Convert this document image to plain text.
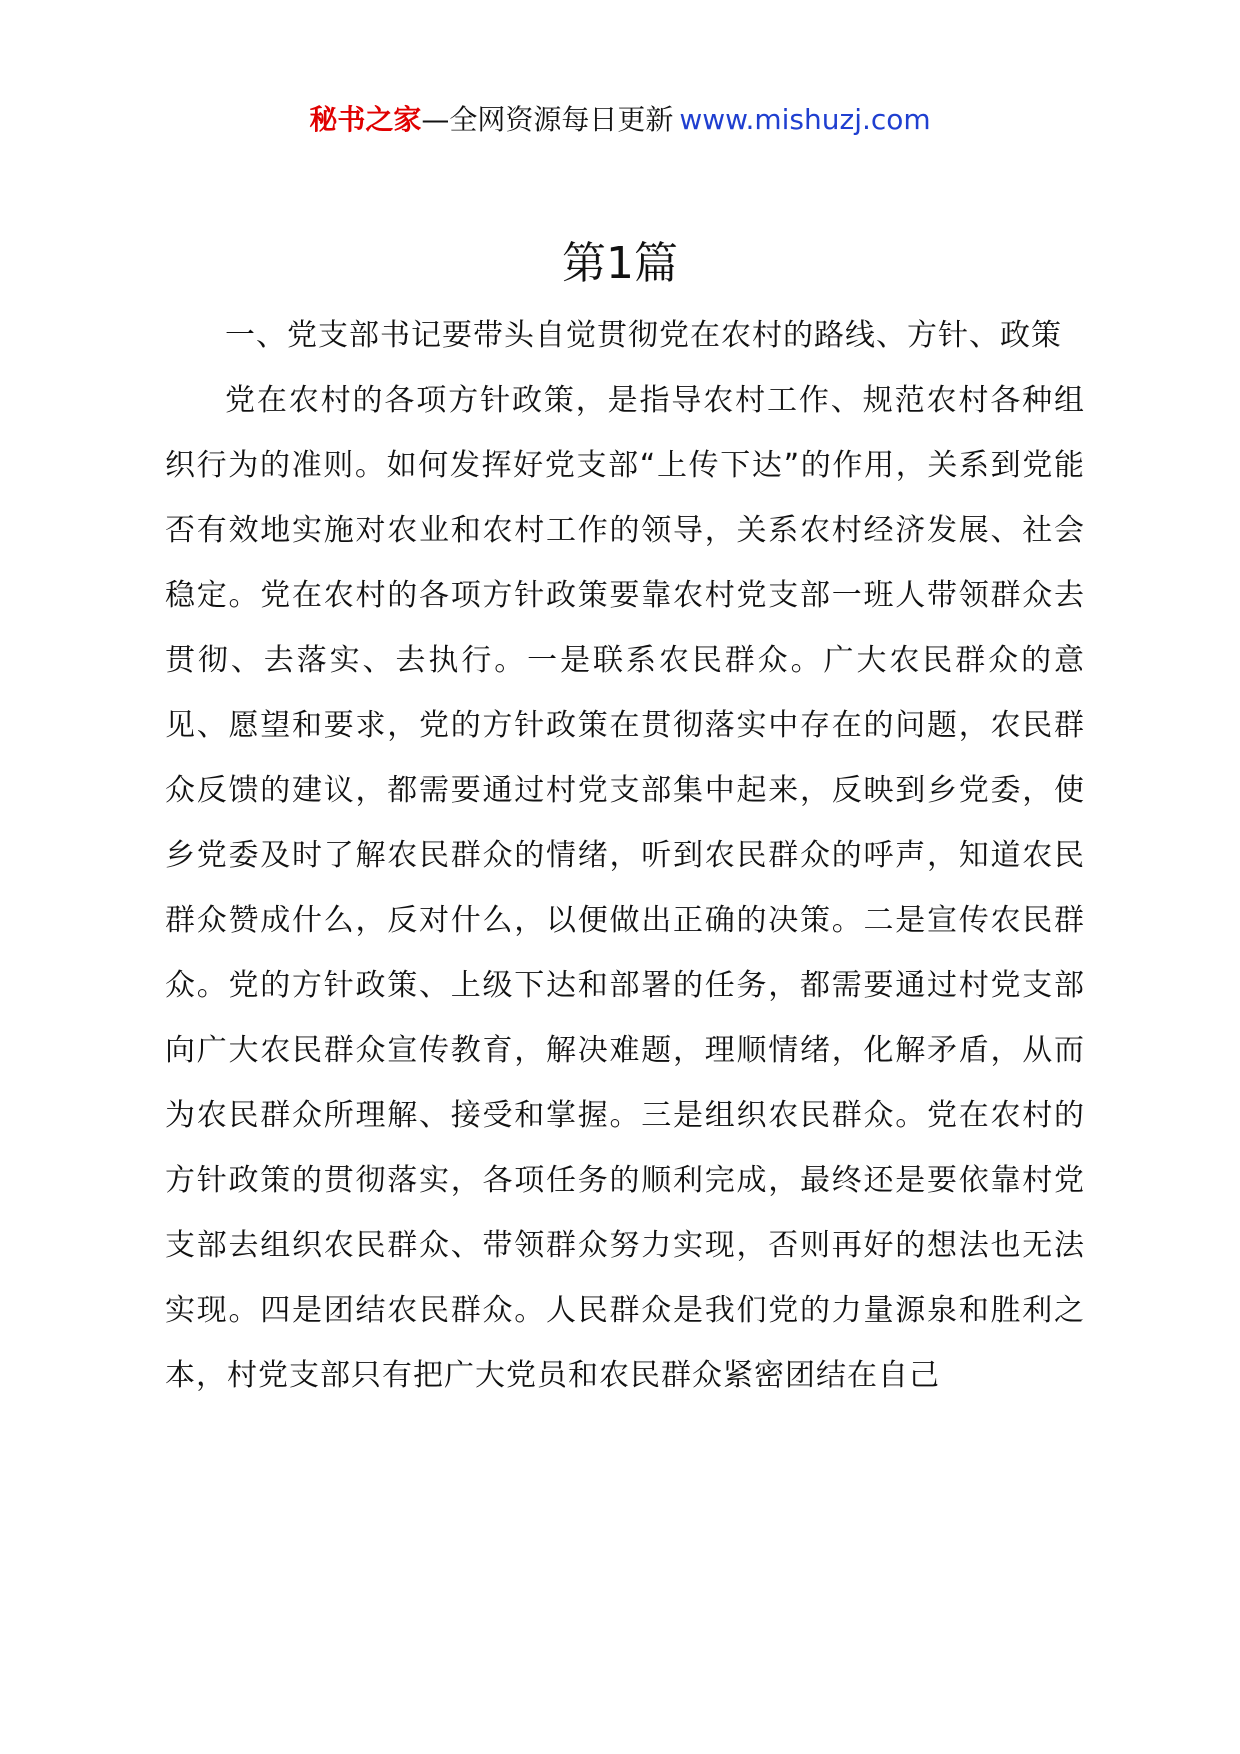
秘书之家—全网资源每日更新 www.mishuzj.com
第1篇

一、党支部书记要带头自觉贯彻党在农村的路线、方针、政策

党在农村的各项方针政策，是指导农村工作、规范农村各种组织行为的准则。如何发挥好党支部“上传下达”的作用，关系到党能否有效地实施对农业和农村工作的领导，关系农村经济发展、社会稳定。党在农村的各项方针政策要靠农村党支部一班人带领群众去贯彻、去落实、去执行。一是联系农民群众。广大农民群众的意见、愿望和要求，党的方针政策在贯彻落实中存在的问题，农民群众反馈的建议，都需要通过村党支部集中起来，反映到乡党委，使乡党委及时了解农民群众的情绪，听到农民群众的呼声，知道农民群众赞成什么，反对什么，以便做出正确的决策。二是宣传农民群众。党的方针政策、上级下达和部署的任务，都需要通过村党支部向广大农民群众宣传教育，解决难题，理顺情绪，化解矛盾，从而为农民群众所理解、接受和掌握。三是组织农民群众。党在农村的方针政策的贯彻落实，各项任务的顺利完成，最终还是要依靠村党支部去组织农民群众、带领群众努力实现，否则再好的想法也无法实现。四是团结农民群众。人民群众是我们党的力量源泉和胜利之本，村党支部只有把广大党员和农民群众紧密团结在自己
